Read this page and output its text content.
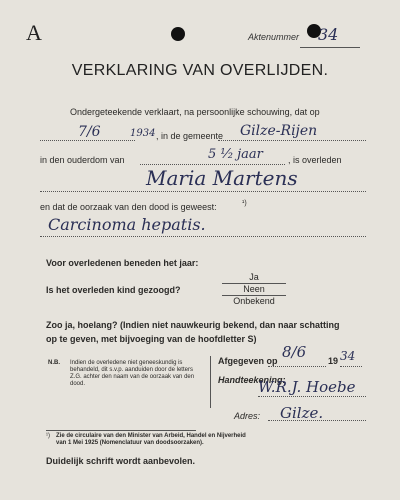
A	Aktenummer 34
VERKLARING VAN OVERLIJDEN.
Ondergeteekende verklaart, na persoonlijke schouwing, dat op
7/6	1934 , in de gemeente Gilze-Rijen
in den ouderdom van	5 ⅟₂ jaar	, is overleden
Maria Martens
en dat de oorzaak van den dood is geweest:	¹)
Carcinoma hepatis.
Voor overledenen beneden het jaar:
Ja
Is het overleden kind gezoogd?	Neen
Onbekend
Zoo ja, hoelang? (Indien niet nauwkeurig bekend, dan naar schatting
op te geven, met bijvoeging van de hoofdletter S)
N.B.	Indien de overledene niet geneeskundig is behandeld, dit s.v.p. aanduiden door de letters Z.G. achter den naam van de oorzaak van den dood.
Afgegeven op 8/6 19 34
Handteekening:
W.R.J. Hoebe
Adres: Gilze.
¹)	Zie de circulaire van den Minister van Arbeid, Handel en Nijverheid van 1 Mei 1925 (Nomenclatuur van doodsoorzaken).
Duidelijk schrift wordt aanbevolen.
